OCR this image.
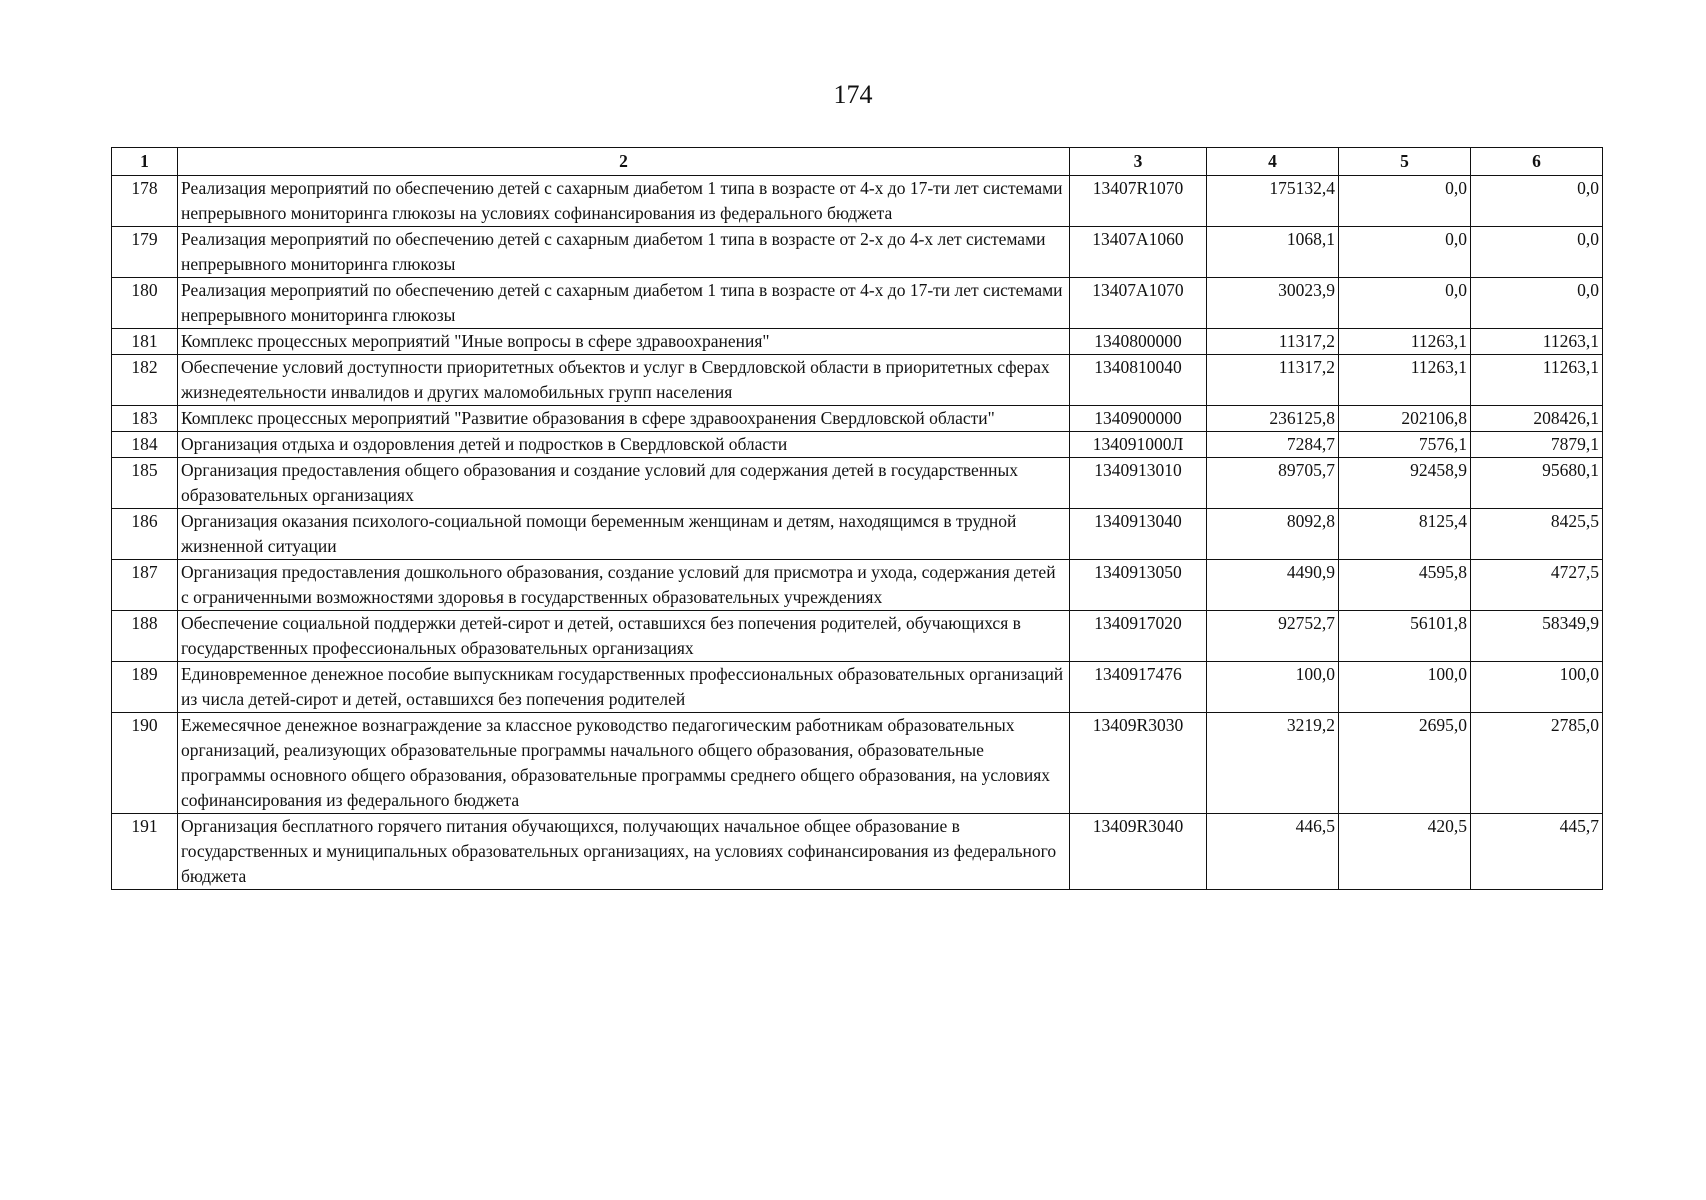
174
1	2	3	4	5	6
178	Реализация мероприятий по обеспечению детей с сахарным диабетом 1 типа в возрасте от 4-х до 17-ти лет системами непрерывного мониторинга глюкозы на условиях софинансирования из федерального бюджета	13407R1070	175132,4	0,0	0,0
179	Реализация мероприятий по обеспечению детей с сахарным диабетом 1 типа в возрасте от 2-х до 4-х лет системами непрерывного мониторинга глюкозы	13407А1060	1068,1	0,0	0,0
180	Реализация мероприятий по обеспечению детей с сахарным диабетом 1 типа в возрасте от 4-х до 17-ти лет системами непрерывного мониторинга глюкозы	13407А1070	30023,9	0,0	0,0
181	Комплекс процессных мероприятий "Иные вопросы в сфере здравоохранения"	1340800000	11317,2	11263,1	11263,1
182	Обеспечение условий доступности приоритетных объектов и услуг в Свердловской области в приоритетных сферах жизнедеятельности инвалидов и других маломобильных групп населения	1340810040	11317,2	11263,1	11263,1
183	Комплекс процессных мероприятий "Развитие образования в сфере здравоохранения Свердловской области"	1340900000	236125,8	202106,8	208426,1
184	Организация отдыха и оздоровления детей и подростков в Свердловской области	134091000Л	7284,7	7576,1	7879,1
185	Организация предоставления общего образования и создание условий для содержания детей в государственных образовательных организациях	1340913010	89705,7	92458,9	95680,1
186	Организация оказания психолого-социальной помощи беременным женщинам и детям, находящимся в трудной жизненной ситуации	1340913040	8092,8	8125,4	8425,5
187	Организация предоставления дошкольного образования, создание условий для присмотра и ухода, содержания детей с ограниченными возможностями здоровья в государственных образовательных учреждениях	1340913050	4490,9	4595,8	4727,5
188	Обеспечение социальной поддержки детей-сирот и детей, оставшихся без попечения родителей, обучающихся в государственных профессиональных образовательных организациях	1340917020	92752,7	56101,8	58349,9
189	Единовременное денежное пособие выпускникам государственных профессиональных образовательных организаций из числа детей-сирот и детей, оставшихся без попечения родителей	1340917476	100,0	100,0	100,0
190	Ежемесячное денежное вознаграждение за классное руководство педагогическим работникам образовательных организаций, реализующих образовательные программы начального общего образования, образовательные программы основного общего образования, образовательные программы среднего общего образования, на условиях софинансирования из федерального бюджета	13409R3030	3219,2	2695,0	2785,0
191	Организация бесплатного горячего питания обучающихся, получающих начальное общее образование в государственных и муниципальных образовательных организациях, на условиях софинансирования из федерального бюджета	13409R3040	446,5	420,5	445,7
